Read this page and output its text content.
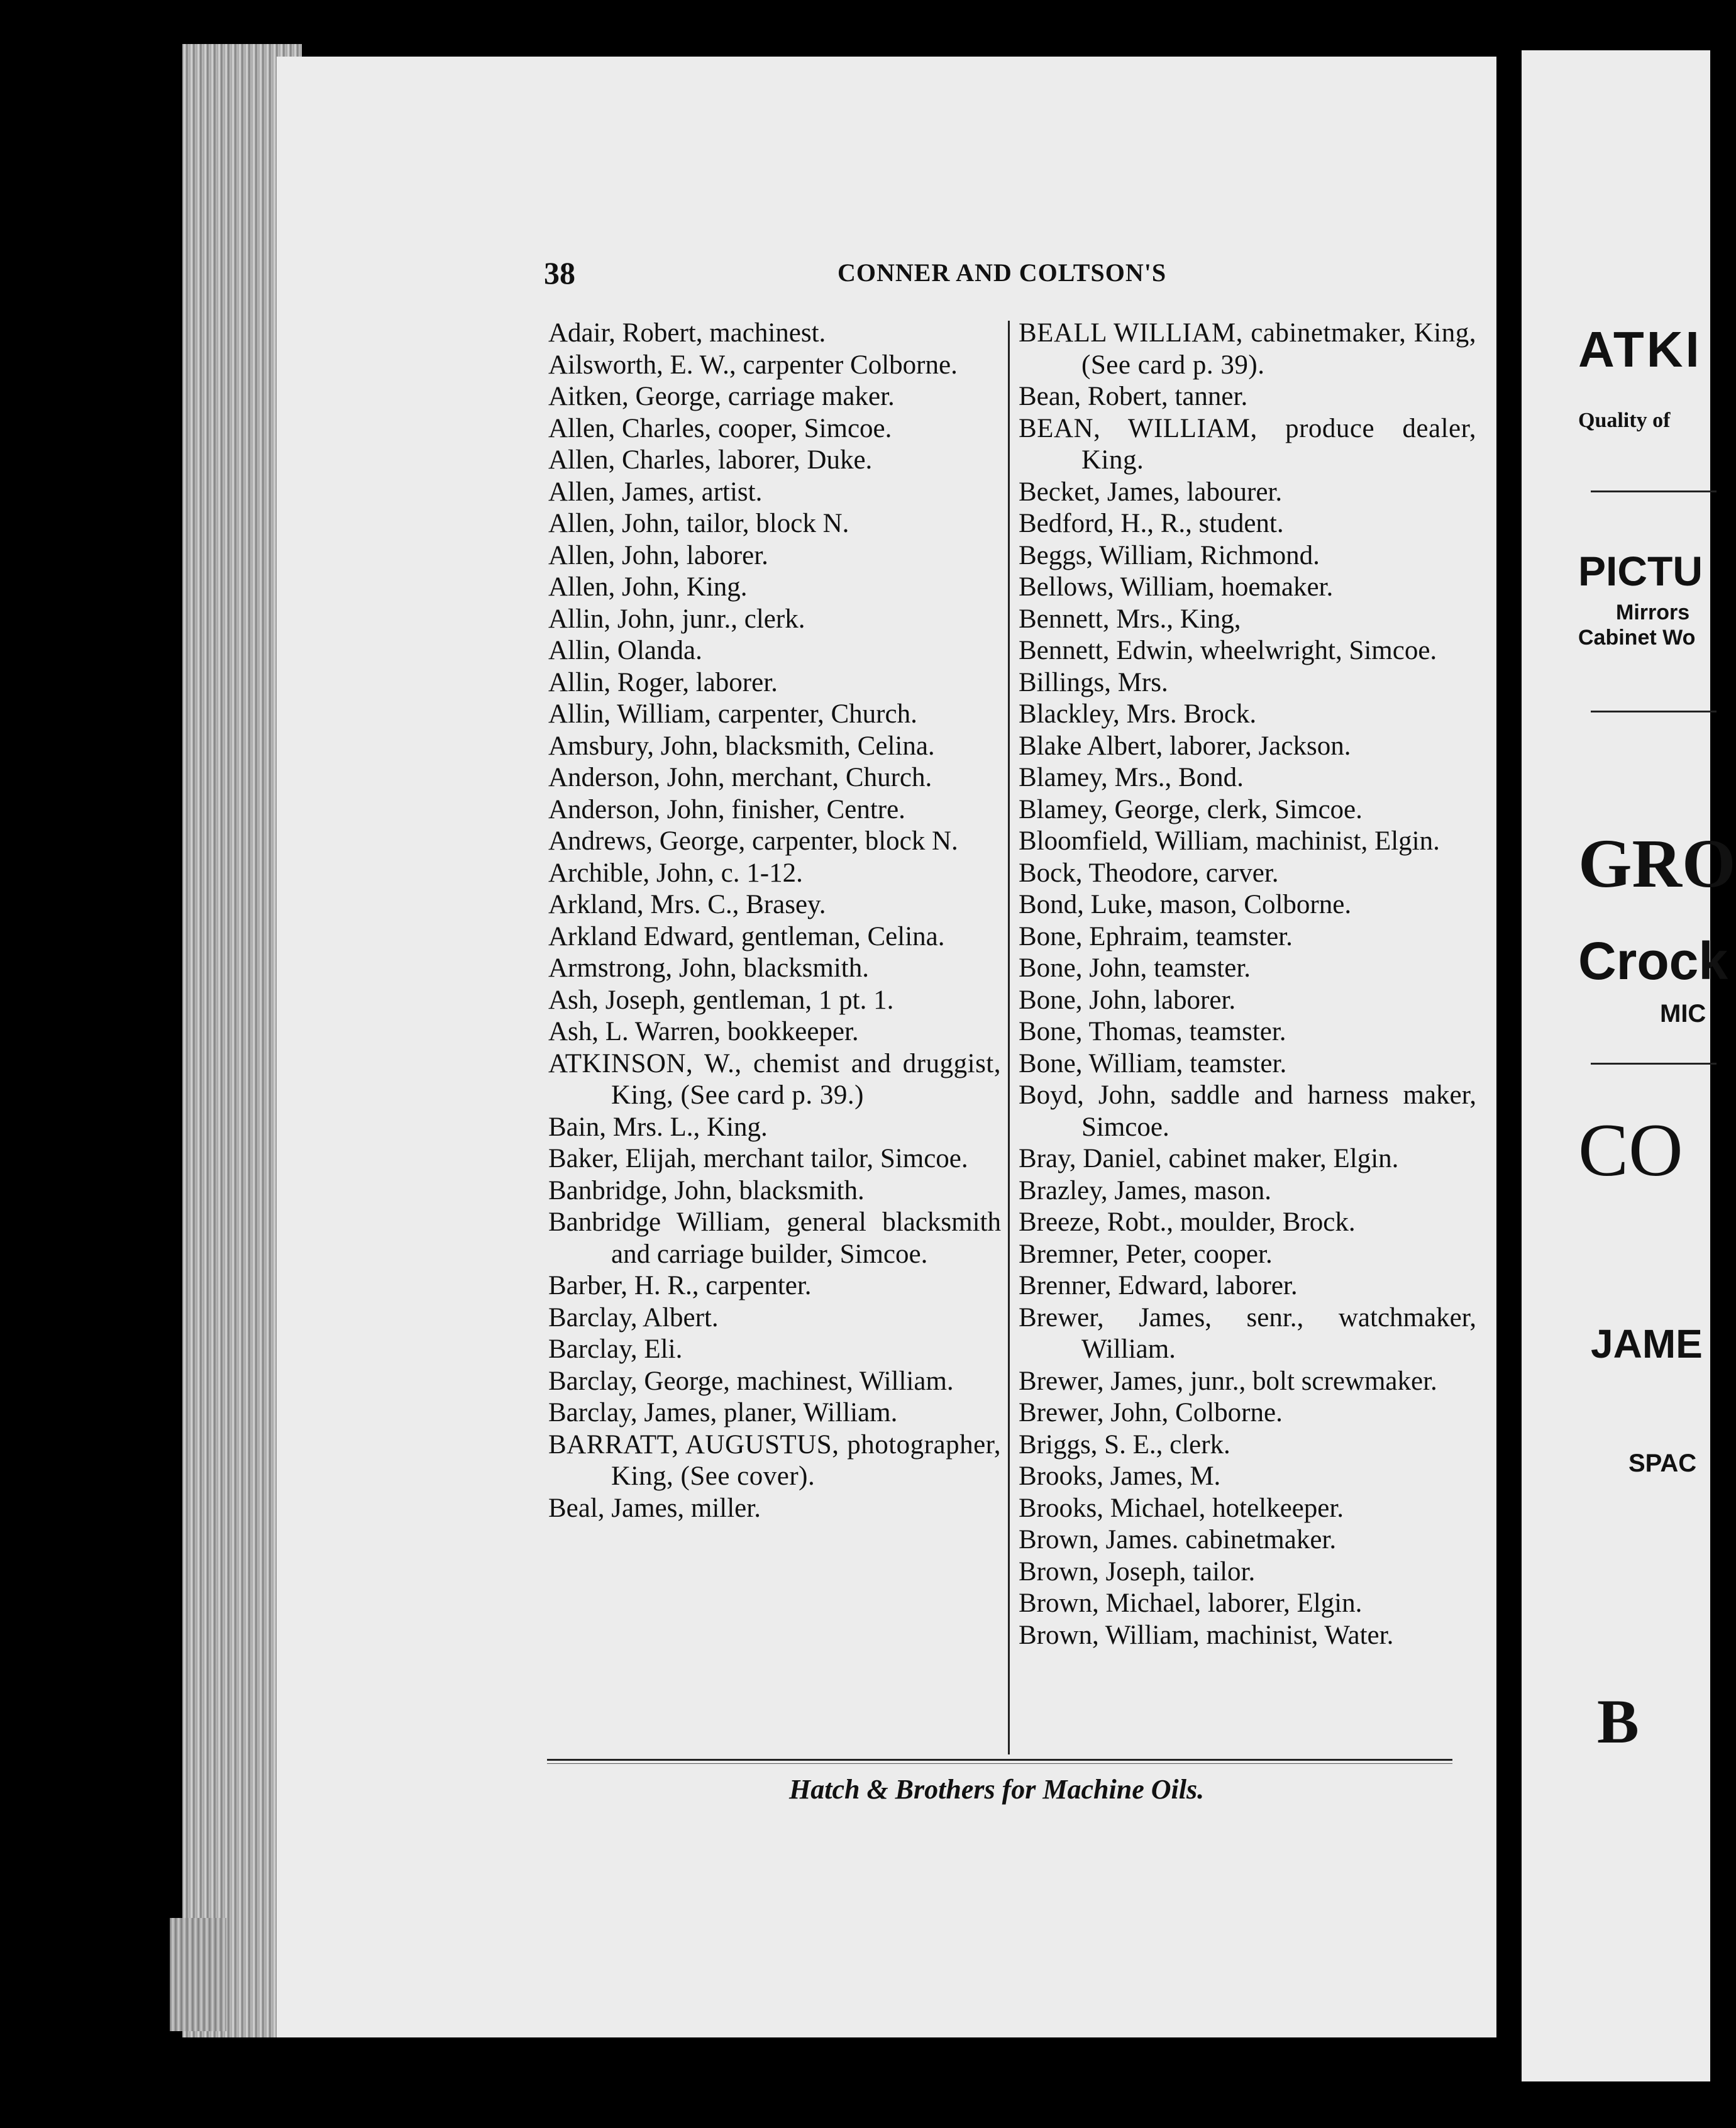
ATKI
Quality of
PICTU
Mirrors
Cabinet Wo
GRO
Crock
MIC
CO
JAME
SPAC
B
38	CONNER AND COLTSON'S
Adair, Robert, machinest.
Ailsworth, E. W., carpenter Colborne.
Aitken, George, carriage maker.
Allen, Charles, cooper, Simcoe.
Allen, Charles, laborer, Duke.
Allen, James, artist.
Allen, John, tailor, block N.
Allen, John, laborer.
Allen, John, King.
Allin, John, junr., clerk.
Allin, Olanda.
Allin, Roger, laborer.
Allin, William, carpenter, Church.
Amsbury, John, blacksmith, Celina.
Anderson, John, merchant, Church.
Anderson, John, finisher, Centre.
Andrews, George, carpenter, block N.
Archible, John, c. 1-12.
Arkland, Mrs. C., Brasey.
Arkland Edward, gentleman, Celina.
Armstrong, John, blacksmith.
Ash, Joseph, gentleman, 1 pt. 1.
Ash, L. Warren, bookkeeper.
ATKINSON, W., chemist and druggist, King, (See card p. 39.)
Bain, Mrs. L., King.
Baker, Elijah, merchant tailor, Simcoe.
Banbridge, John, blacksmith.
Banbridge William, general blacksmith and carriage builder, Simcoe.
Barber, H. R., carpenter.
Barclay, Albert.
Barclay, Eli.
Barclay, George, machinest, William.
Barclay, James, planer, William.
BARRATT, AUGUSTUS, photographer, King, (See cover).
Beal, James, miller.
BEALL WILLIAM, cabinetmaker, King, (See card p. 39).
Bean, Robert, tanner.
BEAN, WILLIAM, produce dealer, King.
Becket, James, labourer.
Bedford, H., R., student.
Beggs, William, Richmond.
Bellows, William, hoemaker.
Bennett, Mrs., King,
Bennett, Edwin, wheelwright, Simcoe.
Billings, Mrs.
Blackley, Mrs. Brock.
Blake Albert, laborer, Jackson.
Blamey, Mrs., Bond.
Blamey, George, clerk, Simcoe.
Bloomfield, William, machinist, Elgin.
Bock, Theodore, carver.
Bond, Luke, mason, Colborne.
Bone, Ephraim, teamster.
Bone, John, teamster.
Bone, John, laborer.
Bone, Thomas, teamster.
Bone, William, teamster.
Boyd, John, saddle and harness maker, Simcoe.
Bray, Daniel, cabinet maker, Elgin.
Brazley, James, mason.
Breeze, Robt., moulder, Brock.
Bremner, Peter, cooper.
Brenner, Edward, laborer.
Brewer, James, senr., watchmaker, William.
Brewer, James, junr., bolt screwmaker.
Brewer, John, Colborne.
Briggs, S. E., clerk.
Brooks, James, M.
Brooks, Michael, hotelkeeper.
Brown, James. cabinetmaker.
Brown, Joseph, tailor.
Brown, Michael, laborer, Elgin.
Brown, William, machinist, Water.
Hatch & Brothers for Machine Oils.
